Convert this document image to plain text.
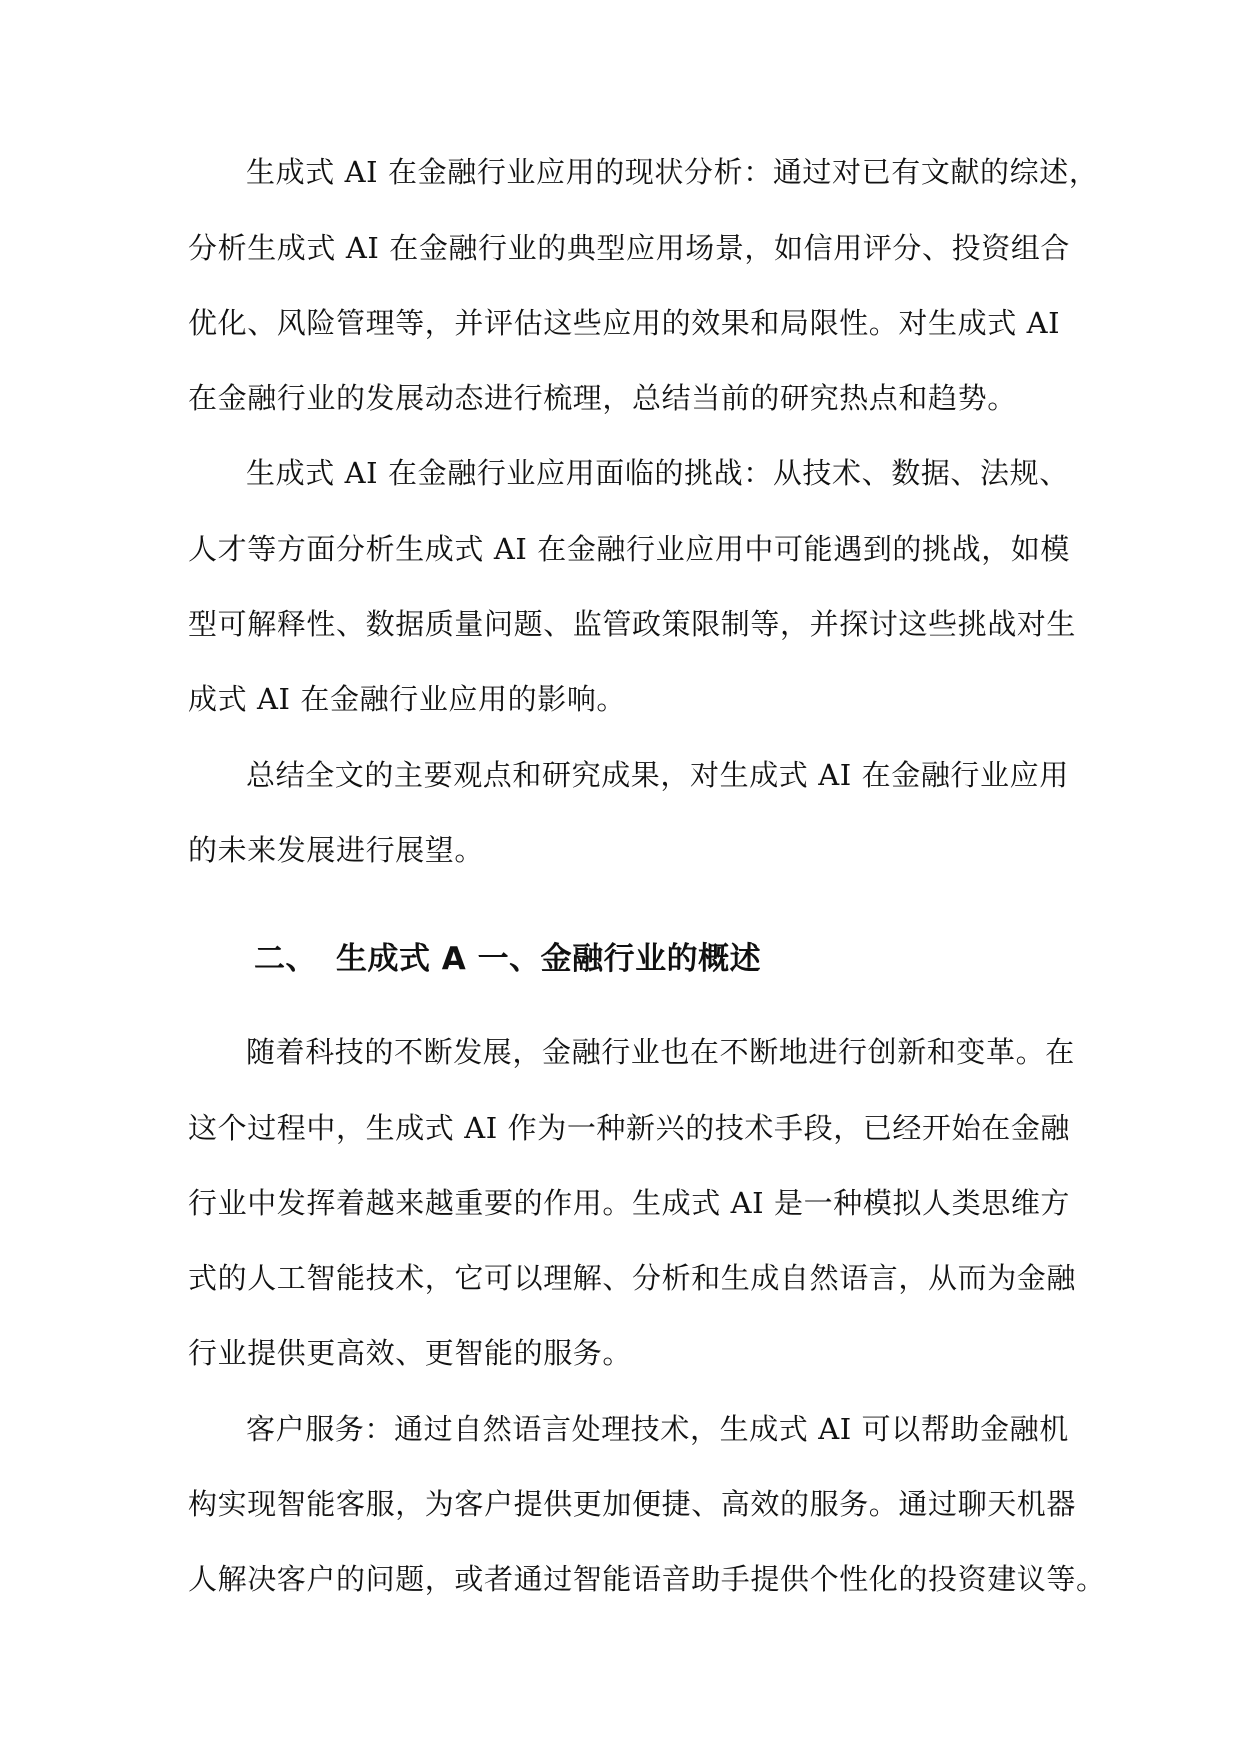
生成式 AI 在金融行业应用的现状分析：通过对已有文献的综述，
分析生成式 AI 在金融行业的典型应用场景，如信用评分、投资组合
优化、风险管理等，并评估这些应用的效果和局限性。对生成式 AI
在金融行业的发展动态进行梳理，总结当前的研究热点和趋势。
生成式 AI 在金融行业应用面临的挑战：从技术、数据、法规、
人才等方面分析生成式 AI 在金融行业应用中可能遇到的挑战，如模
型可解释性、数据质量问题、监管政策限制等，并探讨这些挑战对生
成式 AI 在金融行业应用的影响。
总结全文的主要观点和研究成果，对生成式 AI 在金融行业应用
的未来发展进行展望。
二、 生成式 A 一、金融行业的概述
随着科技的不断发展，金融行业也在不断地进行创新和变革。在
这个过程中，生成式 AI 作为一种新兴的技术手段，已经开始在金融
行业中发挥着越来越重要的作用。生成式 AI 是一种模拟人类思维方
式的人工智能技术，它可以理解、分析和生成自然语言，从而为金融
行业提供更高效、更智能的服务。
客户服务：通过自然语言处理技术，生成式 AI 可以帮助金融机
构实现智能客服，为客户提供更加便捷、高效的服务。通过聊天机器
人解决客户的问题，或者通过智能语音助手提供个性化的投资建议等。
